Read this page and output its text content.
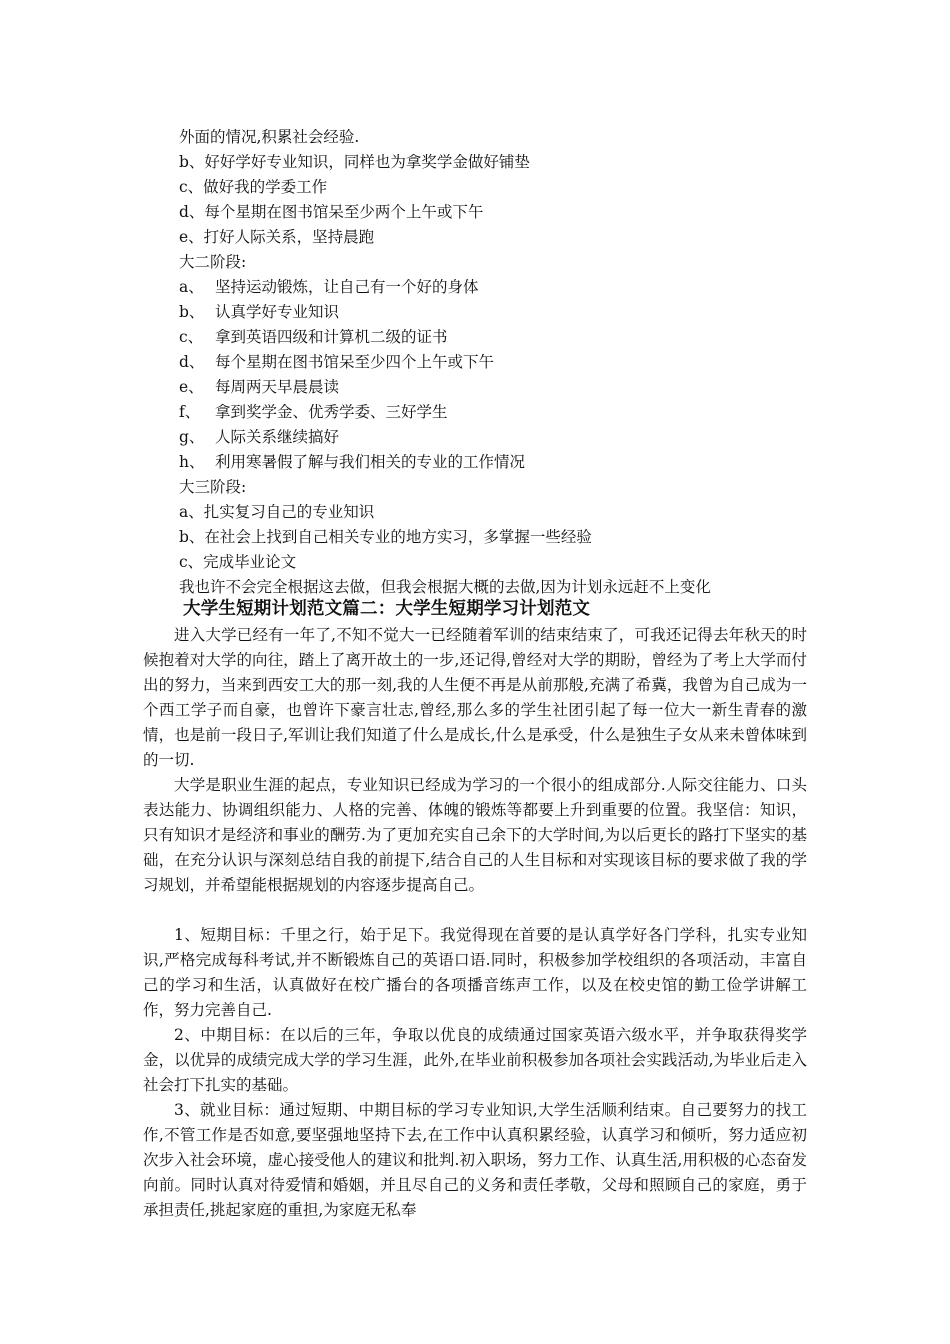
外面的情况,积累社会经验.
b、好好学好专业知识，同样也为拿奖学金做好铺垫
c、做好我的学委工作
d、每个星期在图书馆呆至少两个上午或下午
e、打好人际关系，坚持晨跑
大二阶段:
a、 坚持运动锻炼，让自己有一个好的身体
b、 认真学好专业知识
c、 拿到英语四级和计算机二级的证书
d、 每个星期在图书馆呆至少四个上午或下午
e、 每周两天早晨晨读
f、 拿到奖学金、优秀学委、三好学生
g、 人际关系继续搞好
h、 利用寒暑假了解与我们相关的专业的工作情况
大三阶段:
a、扎实复习自己的专业知识
b、在社会上找到自己相关专业的地方实习，多掌握一些经验
c、完成毕业论文
我也许不会完全根据这去做，但我会根据大概的去做,因为计划永远赶不上变化
大学生短期计划范文篇二：大学生短期学习计划范文

进入大学已经有一年了,不知不觉大一已经随着军训的结束结束了，可我还记得去年秋天的时候抱着对大学的向往，踏上了离开故土的一步,还记得,曾经对大学的期盼，曾经为了考上大学而付出的努力，当来到西安工大的那一刻,我的人生便不再是从前那般,充满了希冀，我曾为自己成为一个西工学子而自豪，也曾许下豪言壮志,曾经,那么多的学生社团引起了每一位大一新生青春的激情，也是前一段日子,军训让我们知道了什么是成长,什么是承受，什么是独生子女从来未曾体味到的一切.

大学是职业生涯的起点，专业知识已经成为学习的一个很小的组成部分.人际交往能力、口头表达能力、协调组织能力、人格的完善、体魄的锻炼等都要上升到重要的位置。我坚信：知识，只有知识才是经济和事业的酬劳.为了更加充实自己余下的大学时间,为以后更长的路打下坚实的基础，在充分认识与深刻总结自我的前提下,结合自己的人生目标和对实现该目标的要求做了我的学习规划，并希望能根据规划的内容逐步提高自己。

1、短期目标：千里之行，始于足下。我觉得现在首要的是认真学好各门学科，扎实专业知识,严格完成每科考试,并不断锻炼自己的英语口语.同时，积极参加学校组织的各项活动，丰富自己的学习和生活，认真做好在校广播台的各项播音练声工作，以及在校史馆的勤工俭学讲解工作，努力完善自己.

2、中期目标：在以后的三年，争取以优良的成绩通过国家英语六级水平，并争取获得奖学金，以优异的成绩完成大学的学习生涯，此外,在毕业前积极参加各项社会实践活动,为毕业后走入社会打下扎实的基础。

3、就业目标：通过短期、中期目标的学习专业知识,大学生活顺利结束。自己要努力的找工作,不管工作是否如意,要坚强地坚持下去,在工作中认真积累经验，认真学习和倾听，努力适应初次步入社会环境，虚心接受他人的建议和批判.初入职场，努力工作、认真生活,用积极的心态奋发向前。同时认真对待爱情和婚姻，并且尽自己的义务和责任孝敬，父母和照顾自己的家庭，勇于承担责任,挑起家庭的重担,为家庭无私奉
